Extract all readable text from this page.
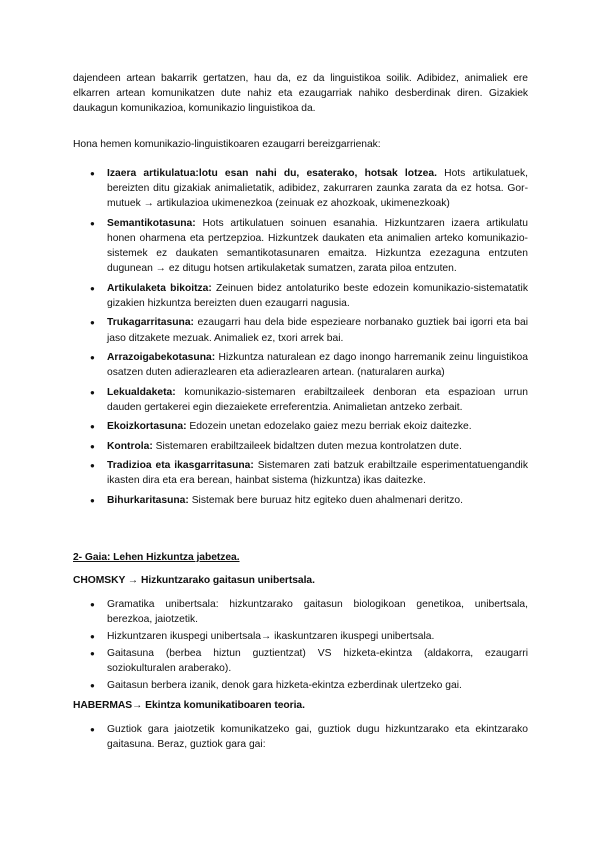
dajendeen artean bakarrik gertatzen, hau da, ez da linguistikoa soilik. Adibidez, animaliek ere elkarren artean komunikatzen dute nahiz eta ezaugarriak nahiko desberdinak diren. Gizakiek daukagun komunikazioa, komunikazio linguistikoa da.

Hona hemen komunikazio-linguistikoaren ezaugarri bereizgarrienak:

● Izaera artikulatua:lotu esan nahi du, esaterako, hotsak lotzea. Hots artikulatuek, bereizten ditu gizakiak animalietatik, adibidez, zakurraren zaunka zarata da ez hotsa. Gor-mutuek → artikulazioa ukimenezkoa (zeinuak ez ahozkoak, ukimenezkoak)
● Semantikotasuna: Hots artikulatuen soinuen esanahia. Hizkuntzaren izaera artikulatu honen oharmena eta pertzepzioa. Hizkuntzek daukaten eta animalien arteko komunikazio-sistemek ez daukaten semantikotasunaren emaitza. Hizkuntza ezezaguna entzuten dugunean → ez ditugu hotsen artikulaketak sumatzen, zarata piloa entzuten.
● Artikulaketa bikoitza: Zeinuen bidez antolaturiko beste edozein komunikazio-sistematatik gizakien hizkuntza bereizten duen ezaugarri nagusia.
● Trukagarritasuna: ezaugarri hau dela bide espezieare norbanako guztiek bai igorri eta bai jaso ditzakete mezuak. Animaliek ez, txori arrek bai.
● Arrazoigabekotasuna: Hizkuntza naturalean ez dago inongo harremanik zeinu linguistikoa osatzen duten adierazlearen eta adierazlearen artean. (naturalaren aurka)
● Lekualdaketa: komunikazio-sistemaren erabiltzaileek denboran eta espazioan urrun dauden gertakerei egin diezaiekete erreferentzia. Animalietan antzeko zerbait.
● Ekoizkortasuna: Edozein unetan edozelako gaiez mezu berriak ekoiz daitezke.
● Kontrola: Sistemaren erabiltzaileek bidaltzen duten mezua kontrolatzen dute.
● Tradizioa eta ikasgarritasuna: Sistemaren zati batzuk erabiltzaile esperimentatuengandik ikasten dira eta era berean, hainbat sistema (hizkuntza) ikas daitezke.
● Bihurkaritasuna: Sistemak bere buruaz hitz egiteko duen ahalmenari deritzo.

2- Gaia: Lehen Hizkuntza jabetzea.

CHOMSKY → Hizkuntzarako gaitasun unibertsala.

● Gramatika unibertsala: hizkuntzarako gaitasun biologikoan genetikoa, unibertsala, berezkoa, jaiotzetik.
● Hizkuntzaren ikuspegi unibertsala→ ikaskuntzaren ikuspegi unibertsala.
● Gaitasuna (berbea hiztun guztientzat) VS hizketa-ekintza (aldakorra, ezaugarri soziokulturalen araberako).
● Gaitasun berbera izanik, denok gara hizketa-ekintza ezberdinak ulertzeko gai.

HABERMAS→ Ekintza komunikatiboaren teoria.

● Guztiok gara jaiotzetik komunikatzeko gai, guztiok dugu hizkuntzarako eta ekintzarako gaitasuna. Beraz, guztiok gara gai:
